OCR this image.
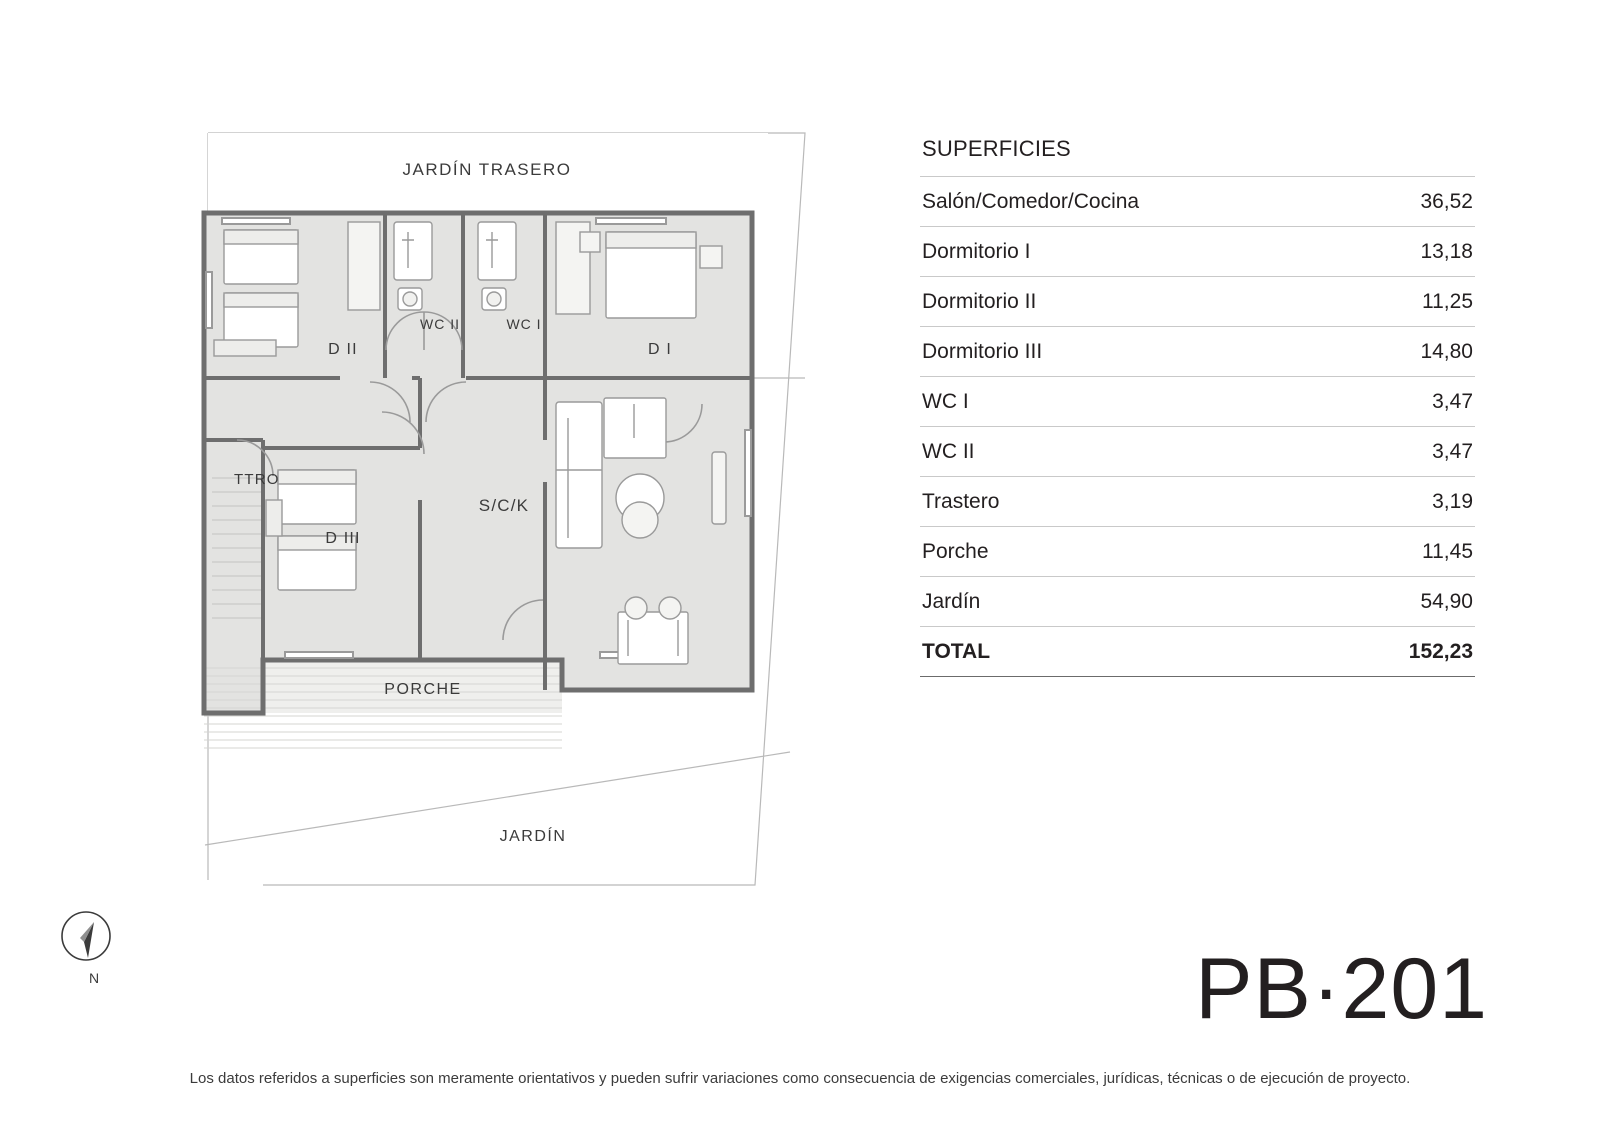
JARDÍN TRASERO
D II
WC II	WC I
D I
TTRO
D III
S/C/K
PORCHE
JARDÍN
N
SUPERFICIES
Salón/Comedor/Cocina	36,52
Dormitorio I	13,18
Dormitorio II	11,25
Dormitorio III	14,80
WC I	3,47
WC II	3,47
Trastero	3,19
Porche	11,45
Jardín	54,90
TOTAL	152,23
PB·201
Los datos referidos a superficies son meramente orientativos y pueden sufrir variaciones como consecuencia de exigencias comerciales, jurídicas, técnicas o de ejecución de proyecto.
